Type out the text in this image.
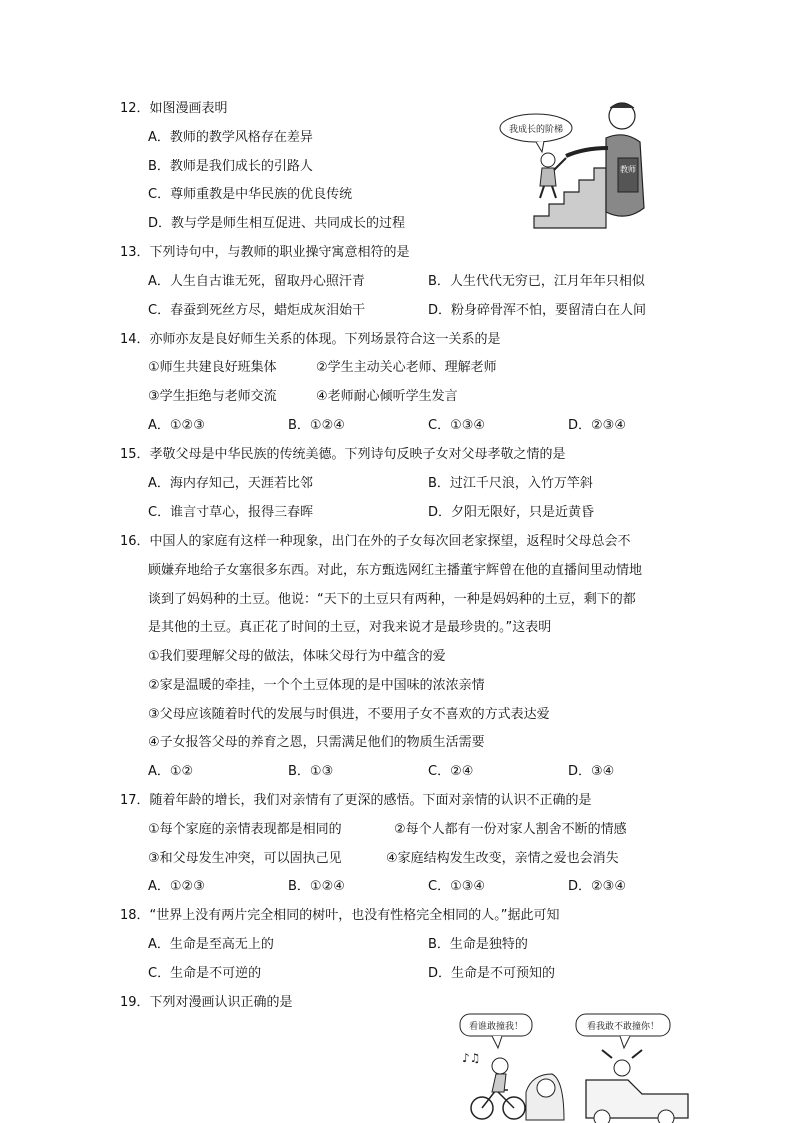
12．如图漫画表明
A．教师的教学风格存在差异
B．教师是我们成长的引路人
C．尊师重教是中华民族的优良传统
D．教与学是师生相互促进、共同成长的过程
教师
我成长的阶梯
13．下列诗句中，与教师的职业操守寓意相符的是
A．人生自古谁无死，留取丹心照汗青	B．人生代代无穷已，江月年年只相似
C．春蚕到死丝方尽，蜡炬成灰泪始干	D．粉身碎骨浑不怕，要留清白在人间
14．亦师亦友是良好师生关系的体现。下列场景符合这一关系的是
①师生共建良好班集体	②学生主动关心老师、理解老师
③学生拒绝与老师交流	④老师耐心倾听学生发言
A．①②③	B．①②④	C．①③④	D．②③④
15．孝敬父母是中华民族的传统美德。下列诗句反映子女对父母孝敬之情的是
A．海内存知己，天涯若比邻	B．过江千尺浪，入竹万竿斜
C．谁言寸草心，报得三春晖	D．夕阳无限好，只是近黄昏
16．中国人的家庭有这样一种现象，出门在外的子女每次回老家探望，返程时父母总会不
顾嫌弃地给子女塞很多东西。对此，东方甄选网红主播董宇辉曾在他的直播间里动情地
谈到了妈妈种的土豆。他说：“天下的土豆只有两种，一种是妈妈种的土豆，剩下的都
是其他的土豆。真正花了时间的土豆，对我来说才是最珍贵的。”这表明
①我们要理解父母的做法，体味父母行为中蕴含的爱
②家是温暖的牵挂，一个个土豆体现的是中国味的浓浓亲情
③父母应该随着时代的发展与时俱进，不要用子女不喜欢的方式表达爱
④子女报答父母的养育之恩，只需满足他们的物质生活需要
A．①②	B．①③	C．②④	D．③④
17．随着年龄的增长，我们对亲情有了更深的感悟。下面对亲情的认识不正确的是
①每个家庭的亲情表现都是相同的	②每个人都有一份对家人割舍不断的情感
③和父母发生冲突，可以固执己见	④家庭结构发生改变，亲情之爱也会消失
A．①②③	B．①②④	C．①③④	D．②③④
18．“世界上没有两片完全相同的树叶，也没有性格完全相同的人。”据此可知
A．生命是至高无上的	B．生命是独特的
C．生命是不可逆的	D．生命是不可预知的
19．下列对漫画认识正确的是
看谁敢撞我！	看我敢不敢撞你！
♪♫
